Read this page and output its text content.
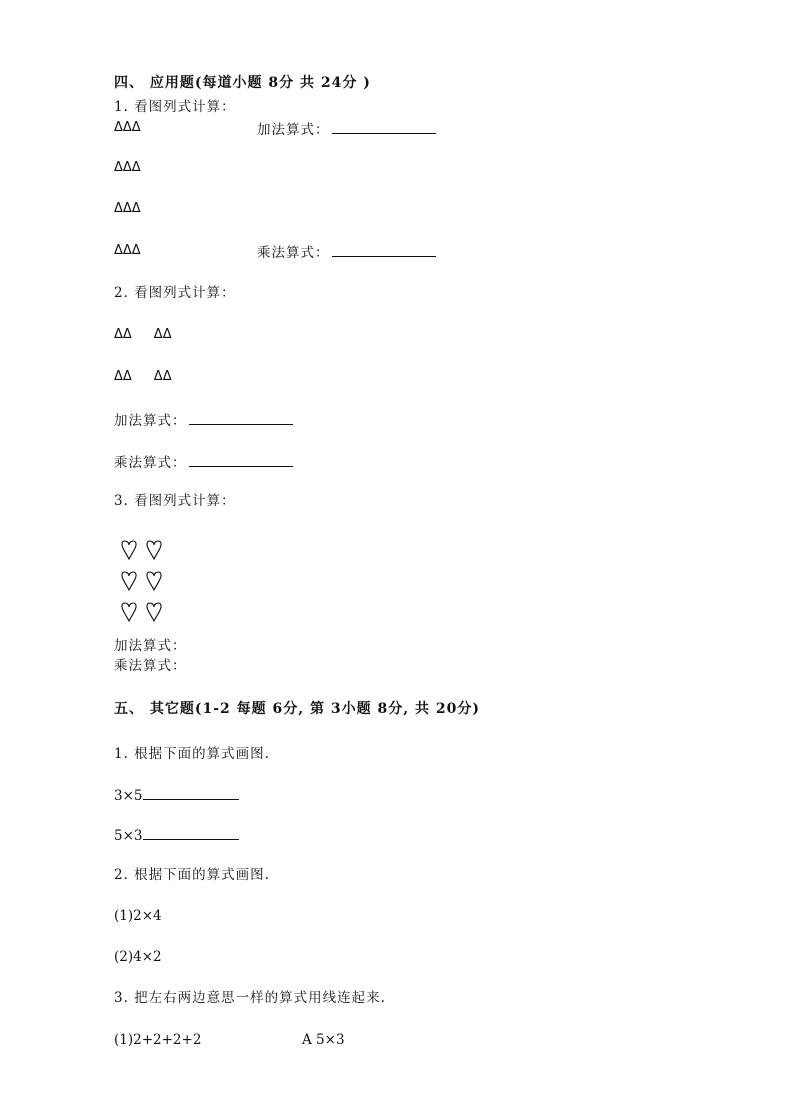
四、 应用题(每道小题 8分 共 24分 )
1. 看图列式计算：
ΔΔΔ	加法算式：
ΔΔΔ
ΔΔΔ
ΔΔΔ	乘法算式：
2. 看图列式计算：
ΔΔ ΔΔ
ΔΔ ΔΔ
加法算式：
乘法算式：
3. 看图列式计算：
加法算式：
乘法算式：
五、 其它题(1-2 每题 6分, 第 3小题 8分, 共 20分)
1. 根据下面的算式画图.
3×5
5×3
2. 根据下面的算式画图.
(1)2×4
(2)4×2
3. 把左右两边意思一样的算式用线连起来.
(1)2+2+2+2	A 5×3
